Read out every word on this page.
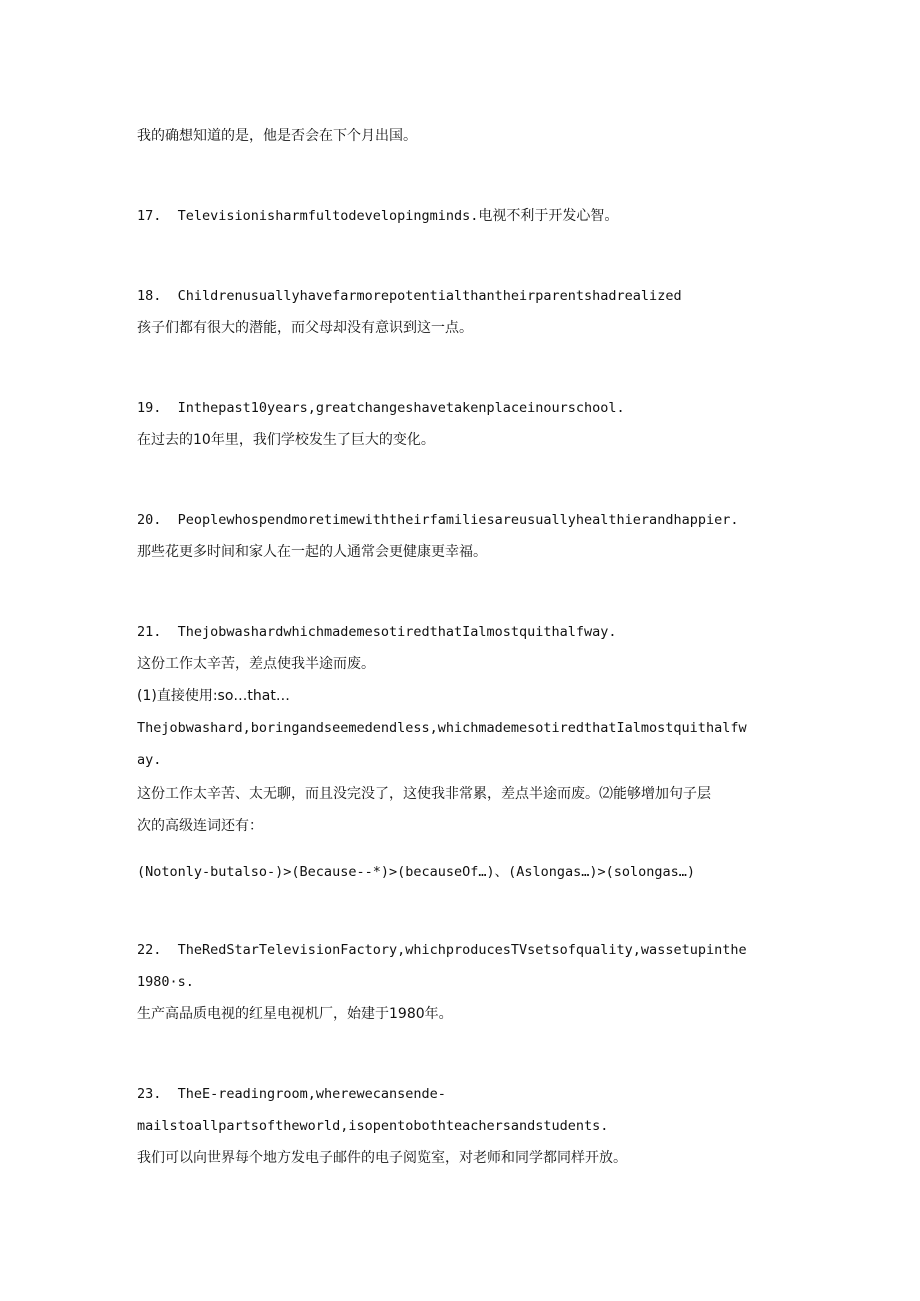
我的确想知道的是，他是否会在下个月出国。
17. Televisionisharmfultodevelopingminds.电视不利于开发心智。
18. Childrenusuallyhavefarmorepotentialthantheirparentshadrealized
孩子们都有很大的潜能，而父母却没有意识到这一点。
19. Inthepast10years,greatchangeshavetakenplaceinourschool.
在过去的10年里，我们学校发生了巨大的变化。
20. Peoplewhospendmoretimewiththeirfamiliesareusuallyhealthierandhappier.
那些花更多时间和家人在一起的人通常会更健康更幸福。
21. ThejobwashardwhichmademesotiredthatIalmostquithalfway.
这份工作太辛苦，差点使我半途而废。
(1)直接使用:so…that…
Thejobwashard,boringandseemedendless,whichmademesotiredthatIalmostquithalfw
ay.
这份工作太辛苦、太无聊，而且没完没了，这使我非常累，差点半途而废。⑵能够增加句子层
次的高级连词还有：
(Notonly-butalso-)>(Because--*)>(becauseOf…)、(Aslongas…)>(solongas…)
22. TheRedStarTelevisionFactory,whichproducesTVsetsofquality,wassetupinthe
1980·s.
生产高品质电视的红星电视机厂，始建于1980年。
23. TheE-readingroom,wherewecansende-
mailstoallpartsoftheworld,isopentobothteachersandstudents.
我们可以向世界每个地方发电子邮件的电子阅览室，对老师和同学都同样开放。
